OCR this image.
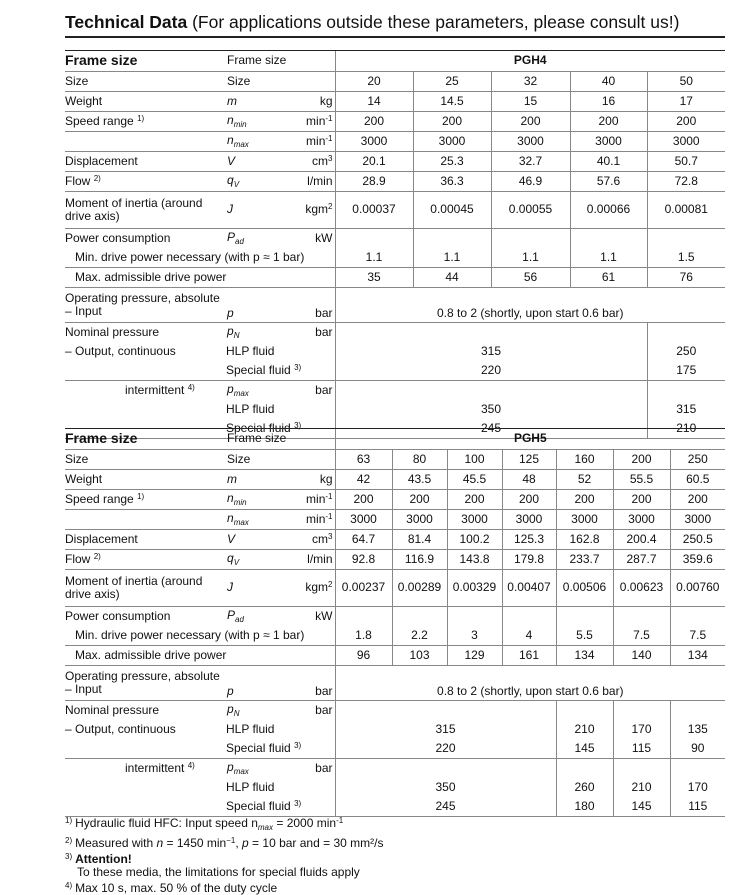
Technical Data (For applications outside these parameters, please consult us!)
Frame size	Frame size		PGH4				
Size	Size		20	25	32	40	50
Weight	m	kg	14	14.5	15	16	17
Speed range $^{1)}$	$n_{min}$	$\min^{-1}$	200	200	200	200	200
	$n_{max}$	$\min^{-1}$	3000	3000	3000	3000	3000
Displacement	V	$cm^3$	20.1	25.3	32.7	40.1	50.7
Flow $^{2)}$	$q_V$	l/min	28.9	36.3	46.9	57.6	72.8
Moment of inertia (around
drive axis)	J	kgm$^2$	0.00037	0.00045	0.00055	0.00066	0.00081
Power consumption	$P_{ad}$	kW					
Min. drive power necessary (with p ≈ 1 bar)			1.1	1.1	1.1	1.1	1.5
Max. admissible drive power			35	44	56	61	76
Operating pressure, absolute
– Input	p	bar	0.8 to 2 (shortly, upon start 0.6 bar)				
Nominal pressure	$p_N$	bar					
– Output, continuous	HLP fluid		315				250
	Special fluid $^{3)}$		220				175
intermittent $^{4)}$	$p_{max}$	bar					
	HLP fluid		350				315
	Special fluid $^{3)}$		245				210
Frame size	Frame size		PGH5						
Size	Size		63	80	100	125	160	200	250
Weight	m	kg	42	43.5	45.5	48	52	55.5	60.5
Speed range $^{1)}$	$n_{min}$	$\min^{-1}$	200	200	200	200	200	200	200
	$n_{max}$	$\min^{-1}$	3000	3000	3000	3000	3000	3000	3000
Displacement	V	$cm^3$	64.7	81.4	100.2	125.3	162.8	200.4	250.5
Flow $^{2)}$	$q_V$	l/min	92.8	116.9	143.8	179.8	233.7	287.7	359.6
Moment of inertia (around
drive axis)	J	kgm$^2$	0.00237	0.00289	0.00329	0.00407	0.00506	0.00623	0.00760
Power consumption	$P_{ad}$	kW							
Min. drive power necessary (with p ≈ 1 bar)			1.8	2.2	3	4	5.5	7.5	7.5
Max. admissible drive power			96	103	129	161	134	140	134
Operating pressure, absolute
– Input	p	bar	0.8 to 2 (shortly, upon start 0.6 bar)						
Nominal pressure	$p_N$	bar							
– Output, continuous	HLP fluid		315				210	170	135
	Special fluid $^{3)}$		220				145	115	90
intermittent $^{4)}$	$p_{max}$	bar							
	HLP fluid		350				260	210	170
	Special fluid $^{3)}$		245				180	145	115
$^{1)}$ Hydraulic fluid HFC: Input speed $n_{max} = 2000$ $\min^{-1}$
$^{2)}$ Measured with n = 1450 $\min^{-1}$, p = 10 bar and = 30 mm²/s
$^{3)}$ Attention!
To these media, the limitations for special fluids apply
$^{4)}$ Max 10 s, max. 50 % of the duty cycle
